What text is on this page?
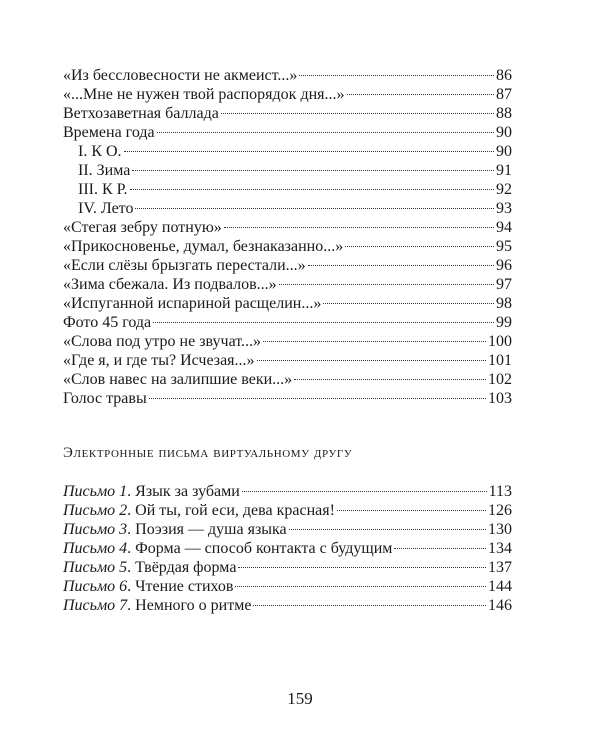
«Из бессловесности не акмеист...»	86
«...Мне не нужен твой распорядок дня...»	87
Ветхозаветная баллада	88
Времена года	90
I. К О.	90
II. Зима	91
III. К Р.	92
IV. Лето	93
«Стегая зебру потную»	94
«Прикосновенье, думал, безнаказанно...»	95
«Если слёзы брызгать перестали...»	96
«Зима сбежала. Из подвалов...»	97
«Испуганной испариной расщелин...»	98
Фото 45 года	99
«Слова под утро не звучат...»	100
«Где я, и где ты? Исчезая...»	101
«Слов навес на залипшие веки...»	102
Голос травы	103
Электронные письма виртуальному другу
Письмо 1. Язык за зубами	113
Письмо 2. Ой ты, гой еси, дева красная!	126
Письмо 3. Поэзия — душа языка	130
Письмо 4. Форма — способ контакта с будущим	134
Письмо 5. Твёрдая форма	137
Письмо 6. Чтение стихов	144
Письмо 7. Немного о ритме	146
159
